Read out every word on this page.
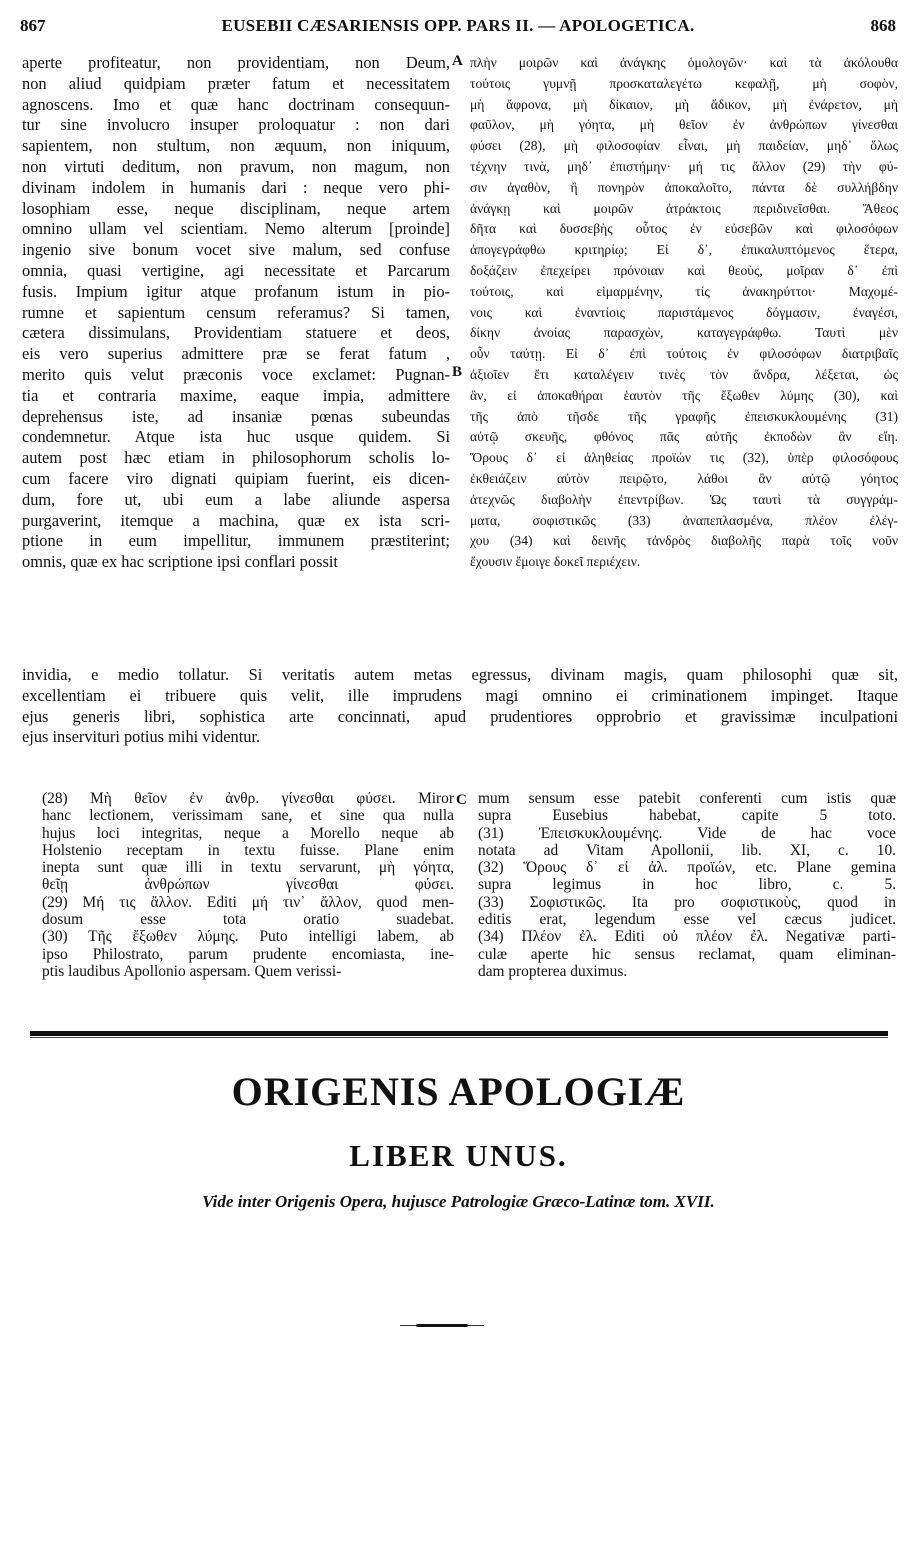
867	EUSEBII CÆSARIENSIS OPP. PARS II. — APOLOGETICA.	868
aperte profiteatur, non providentiam, non Deum,
non aliud quidpiam præter fatum et necessitatem
agnoscens. Imo et quæ hanc doctrinam consequun-
tur sine involucro insuper proloquatur : non dari
sapientem, non stultum, non æquum, non iniquum,
non virtuti deditum, non pravum, non magum, non
divinam indolem in humanis dari : neque vero phi-
losophiam esse, neque disciplinam, neque artem
omnino ullam vel scientiam. Nemo alterum [proinde]
ingenio sive bonum vocet sive malum, sed confuse
omnia, quasi vertigine, agi necessitate et Parcarum
fusis. Impium igitur atque profanum istum in pio-
rumne et sapientum censum referamus? Si tamen,
cætera dissimulans, Providentiam statuere et deos,
eis vero superius admittere præ se ferat fatum ,
merito quis velut præconis voce exclamet: Pugnan-
tia et contraria maxime, eaque impia, admittere
deprehensus iste, ad insaniæ pœnas subeundas
condemnetur. Atque ista huc usque quidem. Si
autem post hæc etiam in philosophorum scholis lo-
cum facere viro dignati quipiam fuerint, eis dicen-
dum, fore ut, ubi eum a labe aliunde aspersa
purgaverint, itemque a machina, quæ ex ista scri-
ptione in eum impellitur, immunem præstiterint;
omnis, quæ ex hac scriptione ipsi conflari possit
πλὴν μοιρῶν καὶ ἀνάγκης ὁμολογῶν· καὶ τὰ ἀκόλουθα
τούτοις γυμνῇ προσκαταλεγέτω κεφαλῇ, μὴ σοφὸν,
μὴ ἄφρονα, μὴ δίκαιον, μὴ ἄδικον, μὴ ἐνάρετον, μὴ
φαῦλον, μὴ γόητα, μὴ θεῖον ἐν ἀνθρώπων γίνεσθαι
φύσει (28), μὴ φιλοσοφίαν εἶναι, μὴ παιδείαν, μηδ᾽ ὅλως
τέχνην τινὰ, μηδ᾽ ἐπιστήμην· μή τις ἄλλον (29) τὴν φύ-
σιν ἀγαθὸν, ἢ πονηρὸν ἀποκαλοῖτο, πάντα δὲ συλλήβδην
ἀνάγκῃ καὶ μοιρῶν ἀτράκτοις περιδινεῖσθαι. Ἄθεος
δῆτα καὶ δυσσεβὴς οὗτος ἐν εὐσεβῶν καὶ φιλοσόφων
ἀπογεγράφθω κριτηρίῳ; Εἰ δ᾽, ἐπικαλυπτόμενος ἕτερα,
δοξάζειν ἐπεχείρει πρόνοιαν καὶ θεοὺς, μοῖραν δ᾽ ἐπὶ
τούτοις, καὶ εἱμαρμένην, τίς ἀνακηρύττοι· Μαχομέ-
νοις καὶ ἐναντίοις παριστάμενος δόγμασιν, ἐναγέσι,
δίκην ἀνοίας παρασχὼν, καταγεγράφθω. Ταυτὶ μὲν
οὖν ταύτῃ. Εἰ δ᾽ ἐπὶ τούτοις ἐν φιλοσόφων διατριβαῖς
ἀξιοῖεν ἔτι καταλέγειν τινὲς τὸν ἄνδρα, λέξεται, ὡς
ἂν, εἰ ἀποκαθήραι ἑαυτὸν τῆς ἔξωθεν λύμης (30), καὶ
τῆς ἀπὸ τῆσδε τῆς γραφῆς ἐπεισκυκλουμένης (31)
αὐτῷ σκευῆς, φθόνος πᾶς αὐτῆς ἐκποδὼν ἂν εἴη.
Ὅρους δ᾽ εἰ ἀληθείας προϊών τις (32), ὑπὲρ φιλοσόφους
ἐκθειάζειν αὐτὸν πειρῷτο, λάθοι ἂν αὐτῷ γόητος
ἀτεχνῶς διαβολὴν ἐπεντρίβων. Ὡς ταυτὶ τὰ συγγράμ-
ματα, σοφιστικῶς (33) ἀναπεπλασμένα, πλέον ἐλέγ-
χου (34) καὶ δεινῆς τἀνδρὸς διαβολῆς παρὰ τοῖς νοῦν
ἔχουσιν ἔμοιγε δοκεῖ περιέχειν.
A
B
C
invidia, e medio tollatur. Si veritatis autem metas egressus, divinam magis, quam philosophi quæ sit,
excellentiam ei tribuere quis velit, ille imprudens magi omnino ei criminationem impinget. Itaque
ejus generis libri, sophistica arte concinnati, apud prudentiores opprobrio et gravissimæ inculpationi
ejus inservituri potius mihi videntur.
(28) Μὴ θεῖον ἐν ἀνθρ. γίνεσθαι φύσει. Miror
hanc lectionem, verissimam sane, et sine qua nulla
hujus loci integritas, neque a Morello neque ab
Holstenio receptam in textu fuisse. Plane enim
inepta sunt quæ illi in textu servarunt, μὴ γόητα,
θεῖῃ ἀνθρώπων γίνεσθαι φύσει.
(29) Μή τις ἄλλον. Editi μή τιν᾽ ἄλλον, quod men-
dosum esse tota oratio suadebat.
(30) Τῆς ἔξωθεν λύμης. Puto intelligi labem, ab
ipso Philostrato, parum prudente encomiasta, ine-
ptis laudibus Apollonio aspersam. Quem verissi-
mum sensum esse patebit conferenti cum istis quæ
supra Eusebius habebat, capite 5 toto.
(31) Ἐπεισκυκλουμένης. Vide de hac voce
notata ad Vitam Apollonii, lib. XI, c. 10.
(32) Ὅρους δ᾽ εἰ ἀλ. προϊών, etc. Plane gemina
supra legimus in hoc libro, c. 5.
(33) Σοφιστικῶς. Ita pro σοφιστικοὺς, quod in
editis erat, legendum esse vel cæcus judicet.
(34) Πλέον ἐλ. Editi οὐ πλέον ἐλ. Negativæ parti-
culæ aperte hic sensus reclamat, quam eliminan-
dam propterea duximus.
ORIGENIS APOLOGIÆ
LIBER UNUS.
Vide inter Origenis Opera, hujusce Patrologiæ Græco-Latinæ tom. XVII.
